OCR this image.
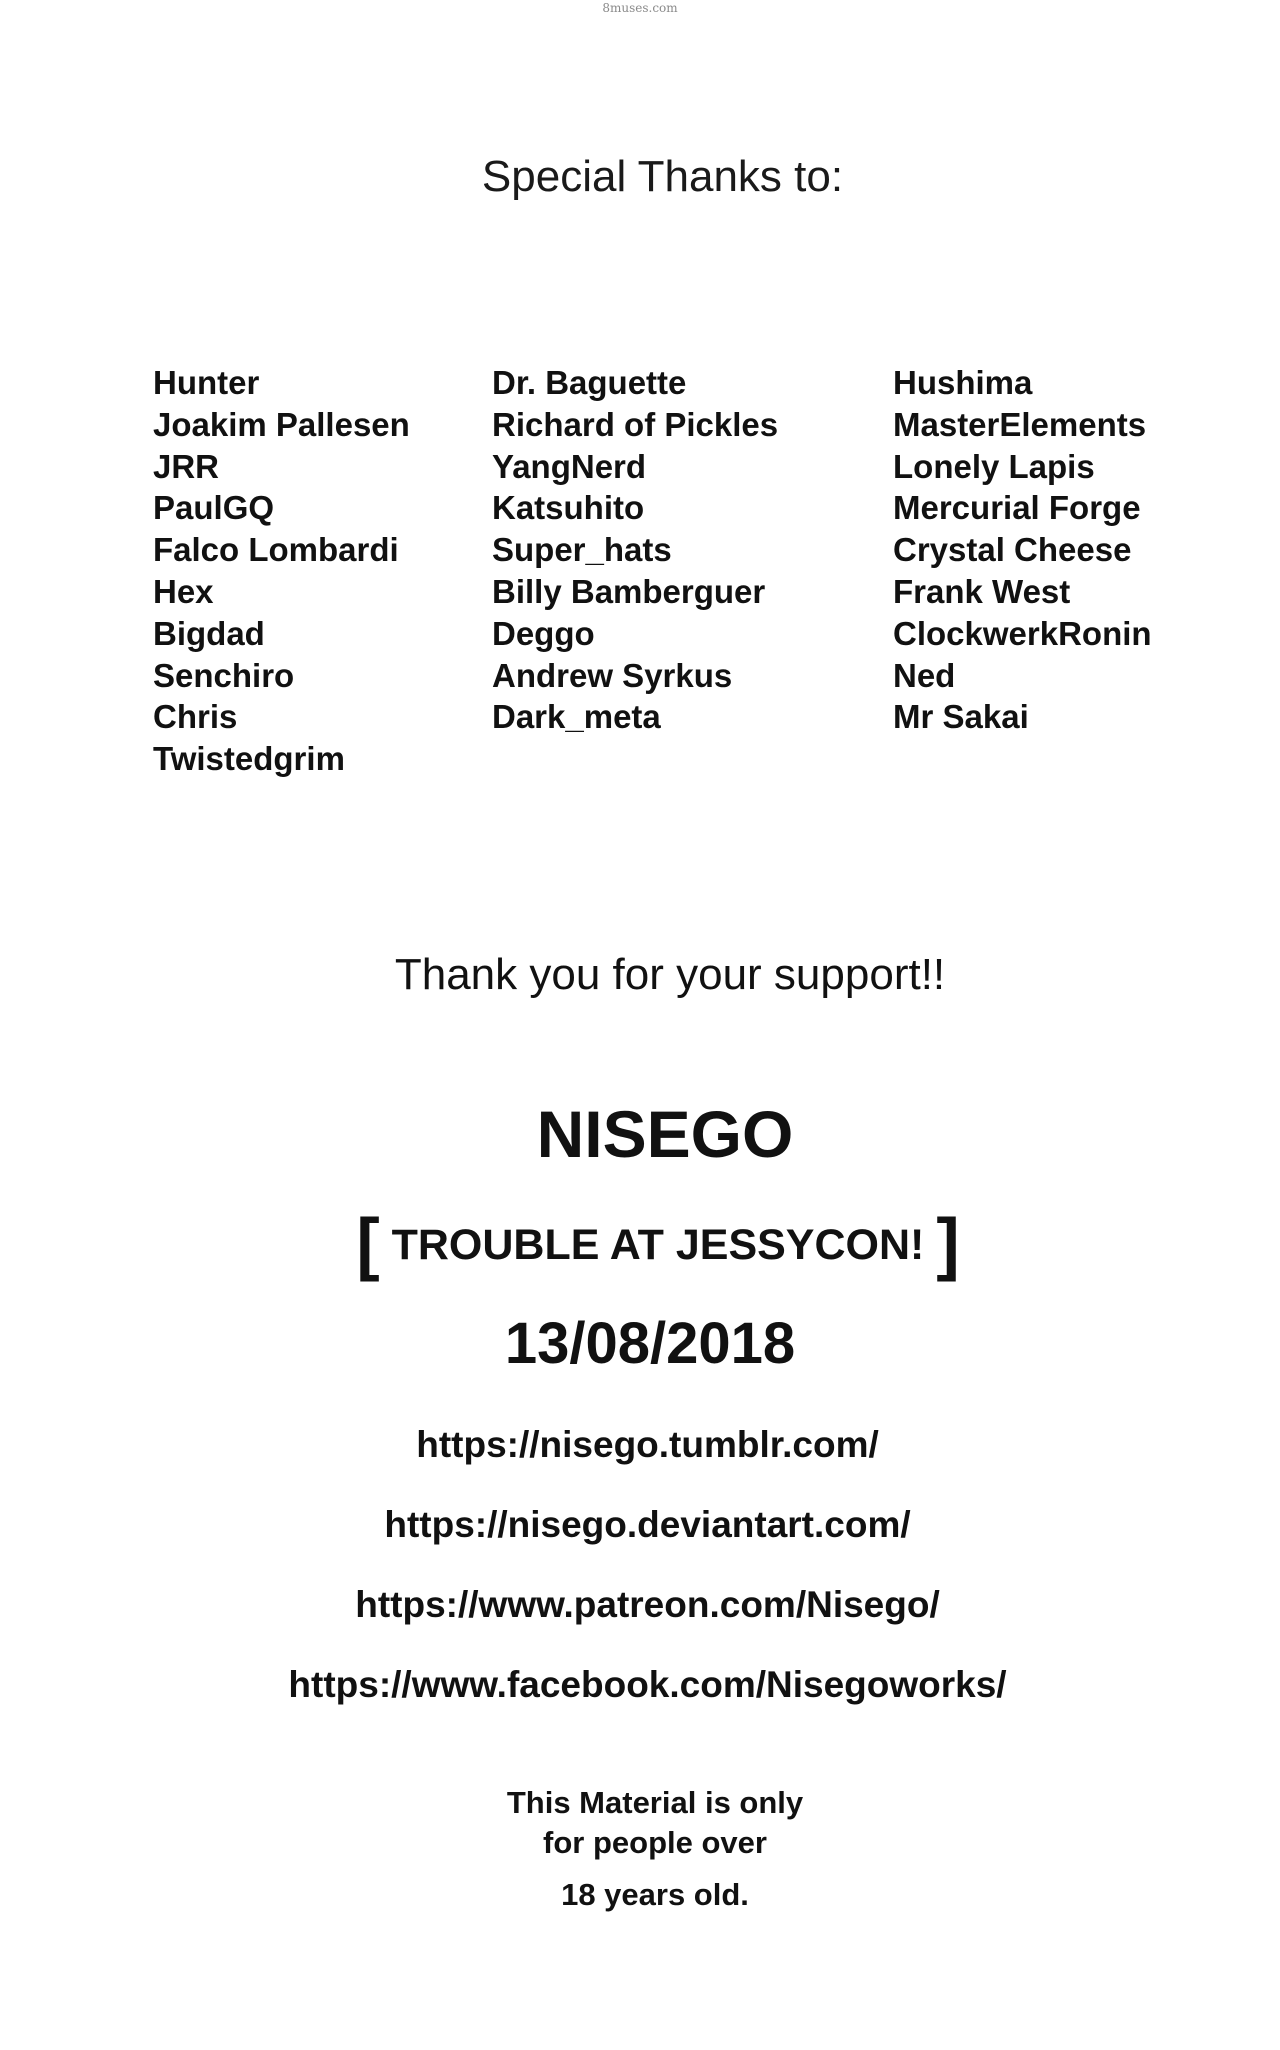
8muses.com
Special Thanks to:
Hunter
Joakim Pallesen
JRR
PaulGQ
Falco Lombardi
Hex
Bigdad
Senchiro
Chris
Twistedgrim
Dr. Baguette
Richard of Pickles
YangNerd
Katsuhito
Super_hats
Billy Bamberguer
Deggo
Andrew Syrkus
Dark_meta
Hushima
MasterElements
Lonely Lapis
Mercurial Forge
Crystal Cheese
Frank West
ClockwerkRonin
Ned
Mr Sakai
Thank you for your support!!
NISEGO
[ TROUBLE AT JESSYCON! ]
13/08/2018
https://nisego.tumblr.com/
https://nisego.deviantart.com/
https://www.patreon.com/Nisego/
https://www.facebook.com/Nisegoworks/
This Material is only
for people over
18 years old.
